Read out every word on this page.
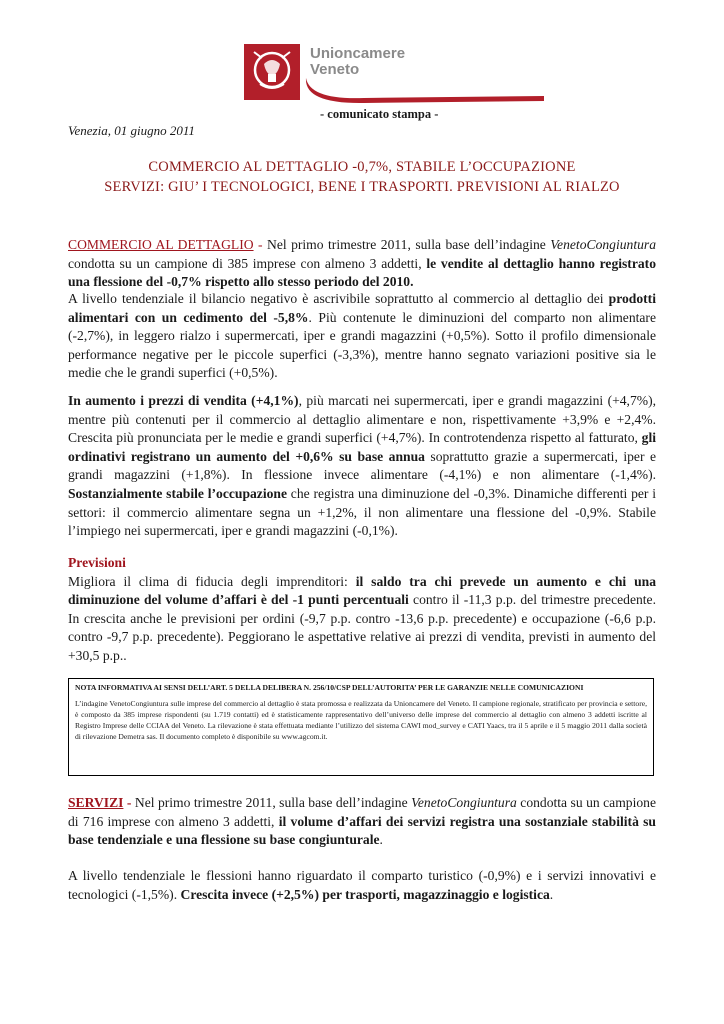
Unioncamere
Veneto
- comunicato stampa -
Venezia, 01 giugno 2011
COMMERCIO AL DETTAGLIO -0,7%, STABILE L’OCCUPAZIONE
SERVIZI: GIU’ I TECNOLOGICI, BENE I TRASPORTI. PREVISIONI AL RIALZO

COMMERCIO AL DETTAGLIO - Nel primo trimestre 2011, sulla base dell’indagine VenetoCongiuntura condotta su un campione di 385 imprese con almeno 3 addetti, le vendite al dettaglio hanno registrato una flessione del -0,7% rispetto allo stesso periodo del 2010.

A livello tendenziale il bilancio negativo è ascrivibile soprattutto al commercio al dettaglio dei prodotti alimentari con un cedimento del -5,8%. Più contenute le diminuzioni del comparto non alimentare (-2,7%), in leggero rialzo i supermercati, iper e grandi magazzini (+0,5%). Sotto il profilo dimensionale performance negative per le piccole superfici (-3,3%), mentre hanno segnato variazioni positive sia le medie che le grandi superfici (+0,5%).

In aumento i prezzi di vendita (+4,1%), più marcati nei supermercati, iper e grandi magazzini (+4,7%), mentre più contenuti per il commercio al dettaglio alimentare e non, rispettivamente +3,9% e +2,4%. Crescita più pronunciata per le medie e grandi superfici (+4,7%). In controtendenza rispetto al fatturato, gli ordinativi registrano un aumento del +0,6% su base annua soprattutto grazie a supermercati, iper e grandi magazzini (+1,8%). In flessione invece alimentare (-4,1%) e non alimentare (-1,4%). Sostanzialmente stabile l’occupazione che registra una diminuzione del -0,3%. Dinamiche differenti per i settori: il commercio alimentare segna un +1,2%, il non alimentare una flessione del -0,9%. Stabile l’impiego nei supermercati, iper e grandi magazzini (-0,1%).

Previsioni
Migliora il clima di fiducia degli imprenditori: il saldo tra chi prevede un aumento e chi una diminuzione del volume d’affari è del -1 punti percentuali contro il -11,3 p.p. del trimestre precedente. In crescita anche le previsioni per ordini (-9,7 p.p. contro -13,6 p.p. precedente) e occupazione (-6,6 p.p. contro -9,7 p.p. precedente). Peggiorano le aspettative relative ai prezzi di vendita, previsti in aumento del +30,5 p.p..

NOTA INFORMATIVA AI SENSI DELL’ART. 5 DELLA DELIBERA N. 256/10/CSP DELL’AUTORITA’ PER LE GARANZIE NELLE COMUNICAZIONI
L’indagine VenetoCongiuntura sulle imprese del commercio al dettaglio è stata promossa e realizzata da Unioncamere del Veneto. Il campione regionale, stratificato per provincia e settore, è composto da 385 imprese rispondenti (su 1.719 contatti) ed è statisticamente rappresentativo dell’universo delle imprese del commercio al dettaglio con almeno 3 addetti iscritte al Registro Imprese delle CCIAA del Veneto. La rilevazione è stata effettuata mediante l’utilizzo del sistema CAWI mod_survey e CATI Yaacs, tra il 5 aprile e il 5 maggio 2011 dalla società di rilevazione Demetra sas. Il documento completo è disponibile su www.agcom.it.

SERVIZI - Nel primo trimestre 2011, sulla base dell’indagine VenetoCongiuntura condotta su un campione di 716 imprese con almeno 3 addetti, il volume d’affari dei servizi registra una sostanziale stabilità su base tendenziale e una flessione su base congiunturale.

A livello tendenziale le flessioni hanno riguardato il comparto turistico (-0,9%) e i servizi innovativi e tecnologici (-1,5%). Crescita invece (+2,5%) per trasporti, magazzinaggio e logistica.
